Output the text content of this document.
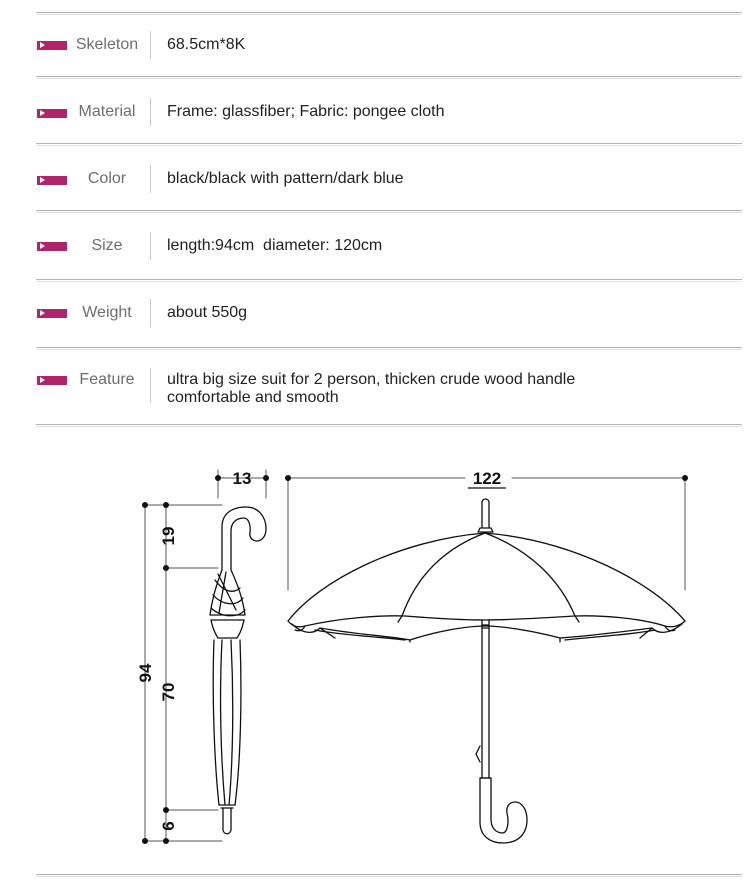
Skeleton	68.5cm*8K
Material	Frame: glassfiber; Fabric: pongee cloth
Color	black/black with pattern/dark blue
Size	length:94cm  diameter: 120cm
Weight	about 550g
Feature	ultra big size suit for 2 person, thicken crude wood handle
comfortable and smooth
13	122
94
19
70
6
